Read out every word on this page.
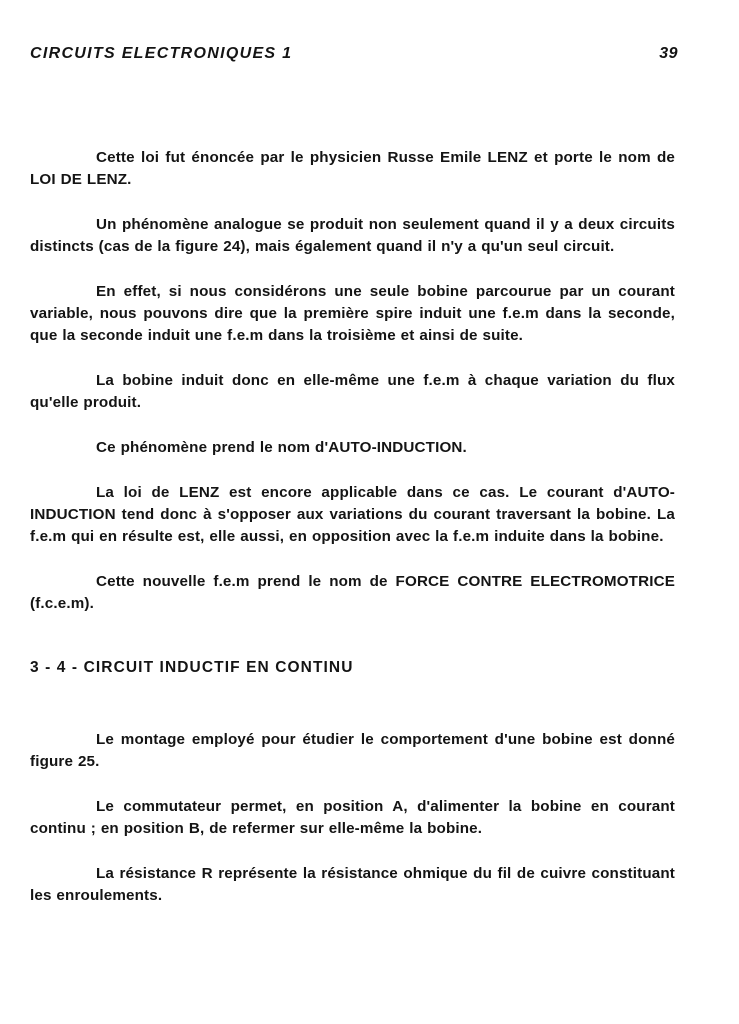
CIRCUITS ELECTRONIQUES 1	39

Cette loi fut énoncée par le physicien Russe Emile LENZ et porte le nom de LOI DE LENZ.

Un phénomène analogue se produit non seulement quand il y a deux circuits distincts (cas de la figure 24), mais également quand il n'y a qu'un seul circuit.

En effet, si nous considérons une seule bobine parcourue par un courant variable, nous pouvons dire que la première spire induit une f.e.m dans la seconde, que la seconde induit une f.e.m dans la troisième et ainsi de suite.

La bobine induit donc en elle-même une f.e.m à chaque variation du flux qu'elle produit.

Ce phénomène prend le nom d'AUTO-INDUCTION.

La loi de LENZ est encore applicable dans ce cas. Le courant d'AUTO-INDUCTION tend donc à s'opposer aux variations du courant traversant la bobine. La f.e.m qui en résulte est, elle aussi, en opposition avec la f.e.m induite dans la bobine.

Cette nouvelle f.e.m prend le nom de FORCE CONTRE ELECTROMOTRICE (f.c.e.m).

3 - 4 - CIRCUIT INDUCTIF EN CONTINU

Le montage employé pour étudier le comportement d'une bobine est donné figure 25.

Le commutateur permet, en position A, d'alimenter la bobine en courant continu ; en position B, de refermer sur elle-même la bobine.

La résistance R représente la résistance ohmique du fil de cuivre constituant les enroulements.
